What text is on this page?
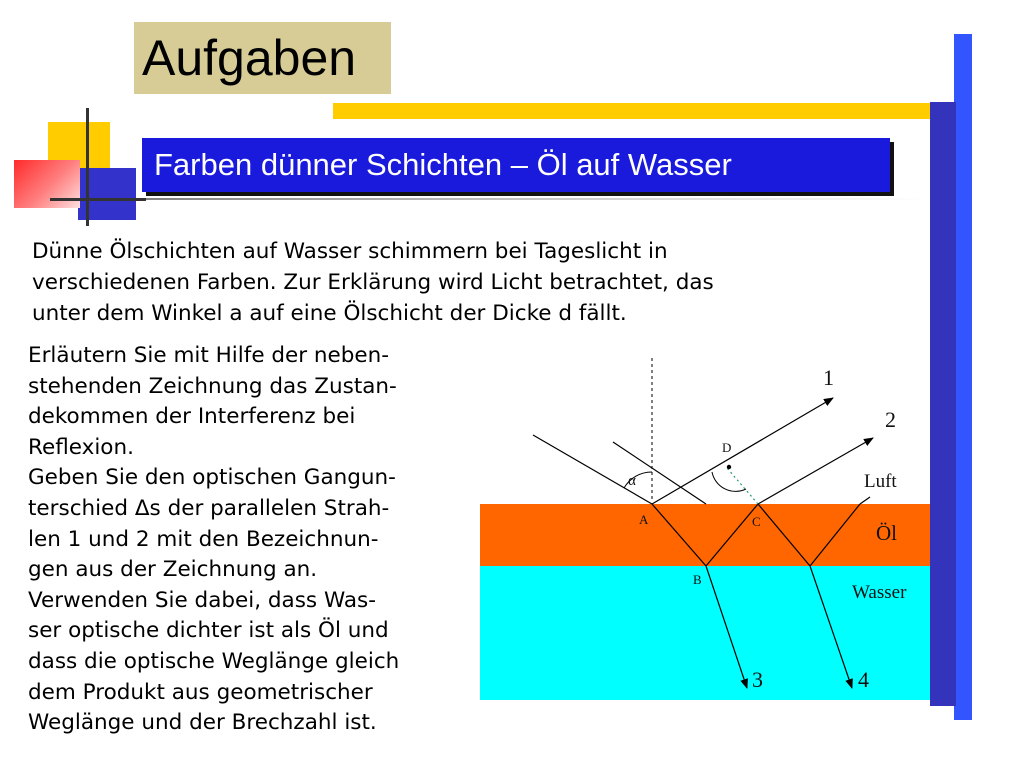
Aufgaben
Farben dünner Schichten – Öl auf Wasser
Dünne Ölschichten auf Wasser schimmern bei Tageslicht in
verschiedenen Farben. Zur Erklärung wird Licht betrachtet, das
unter dem Winkel a auf eine Ölschicht der Dicke d fällt.
Erläutern Sie mit Hilfe der neben-
stehenden Zeichnung das Zustan-
dekommen der Interferenz bei
Reflexion.
Geben Sie den optischen Gangun-
terschied Δs der parallelen Strah-
len 1 und 2 mit den Bezeichnun-
gen aus der Zeichnung an.
Verwenden Sie dabei, dass Was-
ser optische dichter ist als Öl und
dass die optische Weglänge gleich
dem Produkt aus geometrischer
Weglänge und der Brechzahl ist.
1
2
3	4
A
B
C
D
α	Luft
Öl
Wasser
